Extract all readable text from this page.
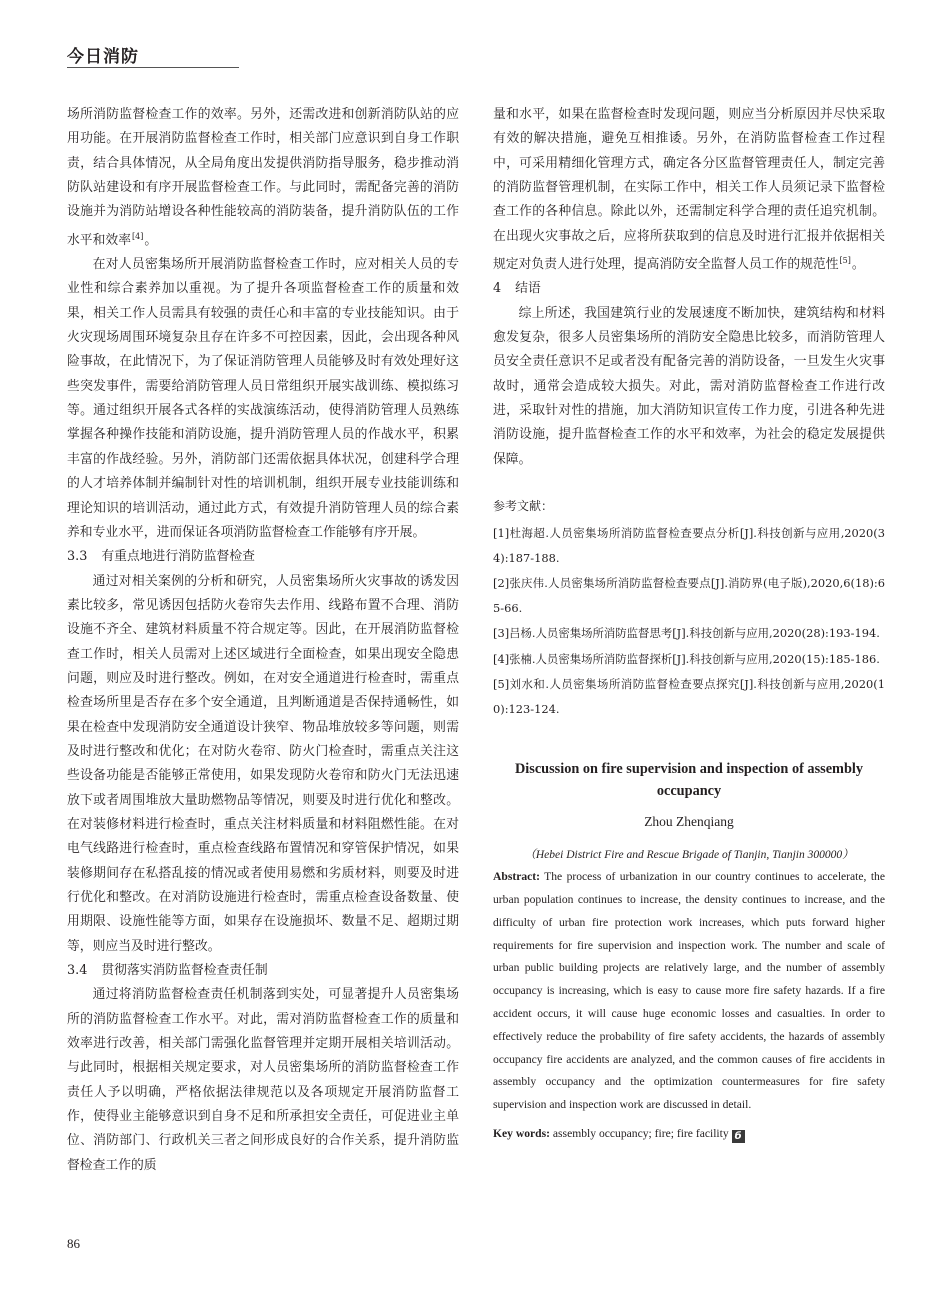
今日消防

场所消防监督检查工作的效率。另外，还需改进和创新消防队站的应用功能。在开展消防监督检查工作时，相关部门应意识到自身工作职责，结合具体情况，从全局角度出发提供消防指导服务，稳步推动消防队站建设和有序开展监督检查工作。与此同时，需配备完善的消防设施并为消防站增设各种性能较高的消防装备，提升消防队伍的工作水平和效率[4]。

在对人员密集场所开展消防监督检查工作时，应对相关人员的专业性和综合素养加以重视。为了提升各项监督检查工作的质量和效果，相关工作人员需具有较强的责任心和丰富的专业技能知识。由于火灾现场周围环境复杂且存在许多不可控因素，因此，会出现各种风险事故，在此情况下，为了保证消防管理人员能够及时有效处理好这些突发事件，需要给消防管理人员日常组织开展实战训练、模拟练习等。通过组织开展各式各样的实战演练活动，使得消防管理人员熟练掌握各种操作技能和消防设施，提升消防管理人员的作战水平，积累丰富的作战经验。另外，消防部门还需依据具体状况，创建科学合理的人才培养体制并编制针对性的培训机制，组织开展专业技能训练和理论知识的培训活动，通过此方式，有效提升消防管理人员的综合素养和专业水平，进而保证各项消防监督检查工作能够有序开展。

3.3 有重点地进行消防监督检查

通过对相关案例的分析和研究，人员密集场所火灾事故的诱发因素比较多，常见诱因包括防火卷帘失去作用、线路布置不合理、消防设施不齐全、建筑材料质量不符合规定等。因此，在开展消防监督检查工作时，相关人员需对上述区域进行全面检查，如果出现安全隐患问题，则应及时进行整改。例如，在对安全通道进行检查时，需重点检查场所里是否存在多个安全通道，且判断通道是否保持通畅性，如果在检查中发现消防安全通道设计狭窄、物品堆放较多等问题，则需及时进行整改和优化；在对防火卷帘、防火门检查时，需重点关注这些设备功能是否能够正常使用，如果发现防火卷帘和防火门无法迅速放下或者周围堆放大量助燃物品等情况，则要及时进行优化和整改。在对装修材料进行检查时，重点关注材料质量和材料阻燃性能。在对电气线路进行检查时，重点检查线路布置情况和穿管保护情况，如果装修期间存在私搭乱接的情况或者使用易燃和劣质材料，则要及时进行优化和整改。在对消防设施进行检查时，需重点检查设备数量、使用期限、设施性能等方面，如果存在设施损坏、数量不足、超期过期等，则应当及时进行整改。

3.4 贯彻落实消防监督检查责任制

通过将消防监督检查责任机制落到实处，可显著提升人员密集场所的消防监督检查工作水平。对此，需对消防监督检查工作的质量和效率进行改善，相关部门需强化监督管理并定期开展相关培训活动。与此同时，根据相关规定要求，对人员密集场所的消防监督检查工作责任人予以明确，严格依据法律规范以及各项规定开展消防监督工作，使得业主能够意识到自身不足和所承担安全责任，可促进业主单位、消防部门、行政机关三者之间形成良好的合作关系，提升消防监督检查工作的质

量和水平，如果在监督检查时发现问题，则应当分析原因并尽快采取有效的解决措施，避免互相推诿。另外，在消防监督检查工作过程中，可采用精细化管理方式，确定各分区监督管理责任人，制定完善的消防监督管理机制，在实际工作中，相关工作人员须记录下监督检查工作的各种信息。除此以外，还需制定科学合理的责任追究机制。在出现火灾事故之后，应将所获取到的信息及时进行汇报并依据相关规定对负责人进行处理，提高消防安全监督人员工作的规范性[5]。

4 结语

综上所述，我国建筑行业的发展速度不断加快，建筑结构和材料愈发复杂，很多人员密集场所的消防安全隐患比较多，而消防管理人员安全责任意识不足或者没有配备完善的消防设备，一旦发生火灾事故时，通常会造成较大损失。对此，需对消防监督检查工作进行改进，采取针对性的措施，加大消防知识宣传工作力度，引进各种先进消防设施，提升监督检查工作的水平和效率，为社会的稳定发展提供保障。

参考文献：

[1]杜海超.人员密集场所消防监督检查要点分析[J].科技创新与应用,2020(34):187-188.

[2]张庆伟.人员密集场所消防监督检查要点[J].消防界(电子版),2020,6(18):65-66.

[3]吕杨.人员密集场所消防监督思考[J].科技创新与应用,2020(28):193-194.

[4]张楠.人员密集场所消防监督探析[J].科技创新与应用,2020(15):185-186.

[5]刘水和.人员密集场所消防监督检查要点探究[J].科技创新与应用,2020(10):123-124.

Discussion on fire supervision and inspection of assembly occupancy

Zhou Zhenqiang

（Hebei District Fire and Rescue Brigade of Tianjin, Tianjin 300000）

Abstract: The process of urbanization in our country continues to accelerate, the urban population continues to increase, the density continues to increase, and the difficulty of urban fire protection work increases, which puts forward higher requirements for fire supervision and inspection work. The number and scale of urban public building projects are relatively large, and the number of assembly occupancy is increasing, which is easy to cause more fire safety hazards. If a fire accident occurs, it will cause huge economic losses and casualties. In order to effectively reduce the probability of fire safety accidents, the hazards of assembly occupancy fire accidents are analyzed, and the common causes of fire accidents in assembly occupancy and the optimization countermeasures for fire safety supervision and inspection work are discussed in detail.

Key words: assembly occupancy; fire; fire facility б

86
